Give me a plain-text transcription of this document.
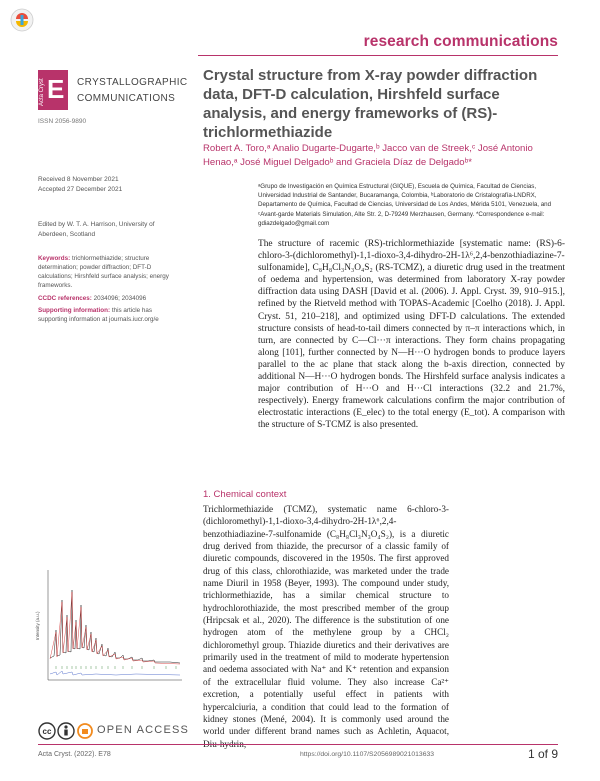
research communications
Acta Cryst E CRYSTALLOGRAPHIC
COMMUNICATIONS
ISSN 2056-9890
Crystal structure from X-ray powder diffraction data, DFT-D calculation, Hirshfeld surface analysis, and energy frameworks of (RS)-trichlormethiazide
Robert A. Toro,ᵃ Analio Dugarte-Dugarte,ᵇ Jacco van de Streek,ᶜ José Antonio Henao,ᵃ José Miguel Delgadoᵇ and Graciela Díaz de Delgadoᵇ*
Received 8 November 2021
Accepted 27 December 2021	ᵃGrupo de Investigación en Química Estructural (GIQUE), Escuela de Química, Facultad de Ciencias, Universidad Industrial de Santander, Bucaramanga, Colombia, ᵇLaboratorio de Cristalografía-LNDRX, Departamento de Química, Facultad de Ciencias, Universidad de Los Andes, Mérida 5101, Venezuela, and ᶜAvant-garde Materials Simulation, Alte Str. 2, D-79249 Merzhausen, Germany. *Correspondence e-mail: gdiazdelgado@gmail.com
Edited by W. T. A. Harrison, University of Aberdeen, Scotland
Keywords: trichlormethiazide; structure determination; powder diffraction; DFT-D calculations; Hirshfeld surface analysis; energy frameworks.
CCDC references: 2034096; 2034096
Supporting information: this article has supporting information at journals.iucr.org/e
The structure of racemic (RS)-trichlormethiazide [systematic name: (RS)-6-chloro-3-(dichloromethyl)-1,1-dioxo-3,4-dihydro-2H-1λ⁶,2,4-benzothiadiazine-7-sulfonamide], C₈H₈Cl₃N₃O₄S₂ (RS-TCMZ), a diuretic drug used in the treatment of oedema and hypertension, was determined from laboratory X-ray powder diffraction data using DASH [David et al. (2006). J. Appl. Cryst. 39, 910–915.], refined by the Rietveld method with TOPAS-Academic [Coelho (2018). J. Appl. Cryst. 51, 210–218], and optimized using DFT-D calculations. The extended structure consists of head-to-tail dimers connected by π–π interactions which, in turn, are connected by C—Cl···π interactions. They form chains propagating along [101], further connected by N—H···O hydrogen bonds to produce layers parallel to the ac plane that stack along the b-axis direction, connected by additional N—H···O hydrogen bonds. The Hirshfeld surface analysis indicates a major contribution of H···O and H···Cl interactions (32.2 and 21.7%, respectively). Energy framework calculations confirm the major contribution of electrostatic interactions (E_elec) to the total energy (E_tot). A comparison with the structure of S-TCMZ is also presented.
1. Chemical context
Trichlormethiazide (TCMZ), systematic name 6-chloro-3-(dichloromethyl)-1,1-dioxo-3,4-dihydro-2H-1λ⁶,2,4-benzothiadiazine-7-sulfonamide (C₈H₈Cl₃N₃O₄S₂), is a diuretic drug derived from thiazide, the precursor of a classic family of diuretic compounds, discovered in the 1950s. The first approved drug of this class, chlorothiazide, was marketed under the trade name Diuril in 1958 (Beyer, 1993). The compound under study, trichlormethiazide, has a similar chemical structure to hydrochlorothiazide, the most prescribed member of the group (Hripcsak et al., 2020). The difference is the substitution of one hydrogen atom of the methylene group by a CHCl₂ dichloromethyl group. Thiazide diuretics and their derivatives are primarily used in the treatment of mild to moderate hypertension and oedema associated with Na⁺ and K⁺ retention and expansion of the extracellular fluid volume. They also increase Ca²⁺ excretion, a potentially useful effect in patients with hypercalciuria, a condition that could lead to the formation of kidney stones (Mené, 2004). It is commonly used around the world under different brand names such as Achletin, Aquacot,
Intensity (a.u.)
cc	OPEN ACCESS
Acta Cryst. (2022). E78	https://doi.org/10.1107/S2056989021013633	1 of 9
